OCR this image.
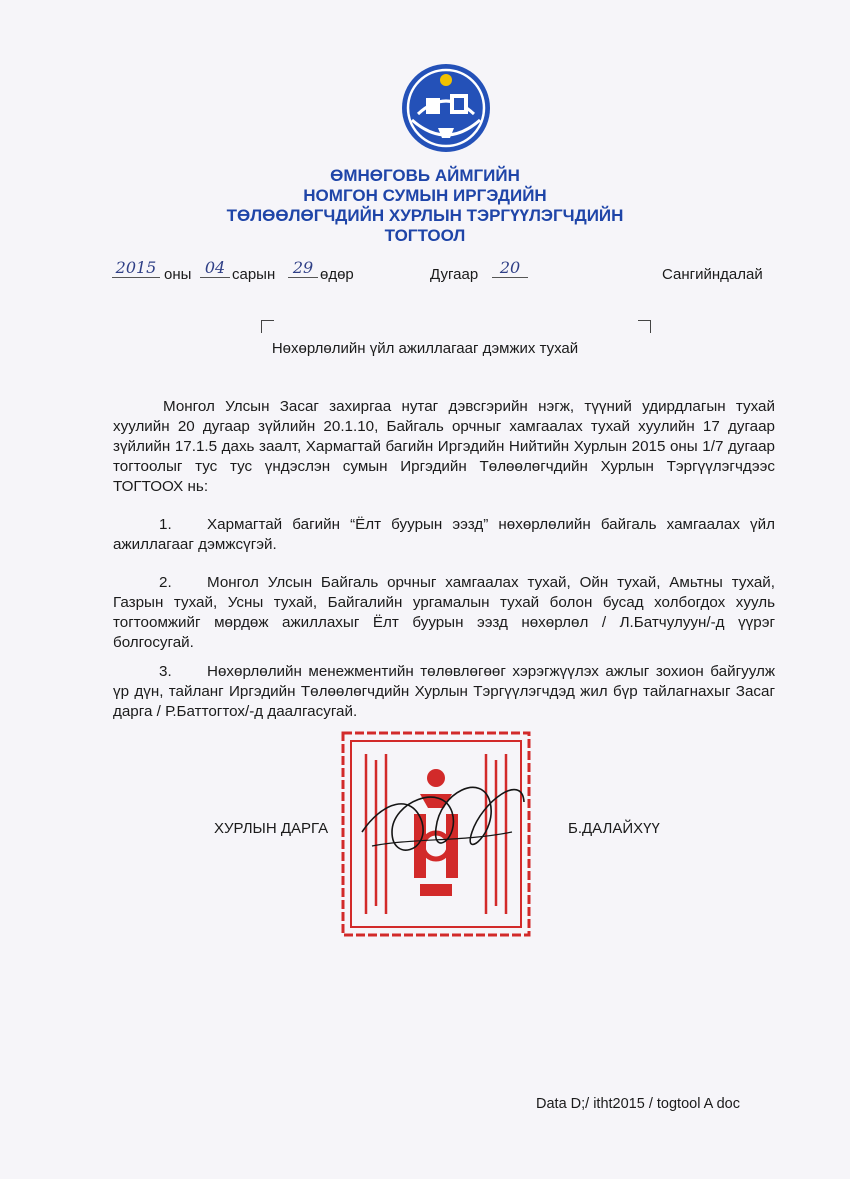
ӨМНӨГОВЬ АЙМГИЙН
НОМГОН СУМЫН ИРГЭДИЙН
ТӨЛӨӨЛӨГЧДИЙН ХУРЛЫН ТЭРГҮҮЛЭГЧДИЙН
ТОГТООЛ
2015 оны 04 сарын	29 өдөр	Дугаар	20	Сангийндалай
Нөхөрлөлийн үйл ажиллагааг дэмжих тухай
Монгол Улсын Засаг захиргаа нутаг дэвсгэрийн нэгж, түүний удирдлагын тухай хуулийн 20 дугаар зүйлийн 20.1.10, Байгаль орчныг хамгаалах тухай хуулийн 17 дугаар зүйлийн 17.1.5 дахь заалт, Хармагтай багийн Иргэдийн Нийтийн Хурлын 2015 оны 1/7 дугаар тогтоолыг тус тус үндэслэн сумын Иргэдийн Төлөөлөгчдийн Хурлын Тэргүүлэгчдээс ТОГТООХ нь:
1. Хармагтай багийн “Ёлт буурын ээзд” нөхөрлөлийн байгаль хамгаалах үйл ажиллагааг дэмжсүгэй.
2. Монгол Улсын Байгаль орчныг хамгаалах тухай, Ойн тухай, Амьтны тухай, Газрын тухай, Усны тухай, Байгалийн ургамалын тухай болон бусад холбогдох хууль тогтоомжийг мөрдөж ажиллахыг Ёлт буурын ээзд нөхөрлөл / Л.Батчулуун/-д үүрэг болгосугай.
3. Нөхөрлөлийн менежментийн төлөвлөгөөг хэрэгжүүлэх ажлыг зохион байгуулж үр дүн, тайланг Иргэдийн Төлөөлөгчдийн Хурлын Тэргүүлэгчдэд жил бүр тайлагнахыг Засаг дарга / Р.Баттогтох/-д даалгасугай.
ХУРЛЫН ДАРГА	Б.ДАЛАЙХҮҮ
Data D;/ itht2015 / togtool A doc
